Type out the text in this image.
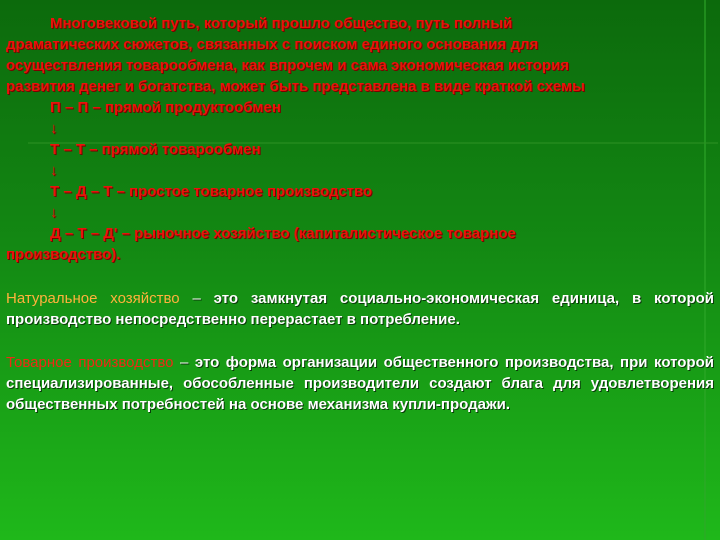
Многовековой путь, который прошло общество, путь полный

драматических сюжетов, связанных с поиском единого основания для

осуществления товарообмена, как впрочем и сама экономическая история

развития денег и богатства, может быть представлена в виде краткой схемы

П – П – прямой продуктообмен

↓

Т – Т – прямой товарообмен

↓

Т – Д – Т – простое товарное производство

↓

Д – Т – Д' – рыночное хозяйство (капиталистическое товарное

производство).

Натуральное хозяйство – это замкнутая социально-экономическая единица, в которой производство непосредственно перерастает в потребление.

Товарное производство – это форма организации общественного производства, при которой специализированные, обособленные производители создают блага для удовлетворения общественных потребностей на основе механизма купли-продажи.
